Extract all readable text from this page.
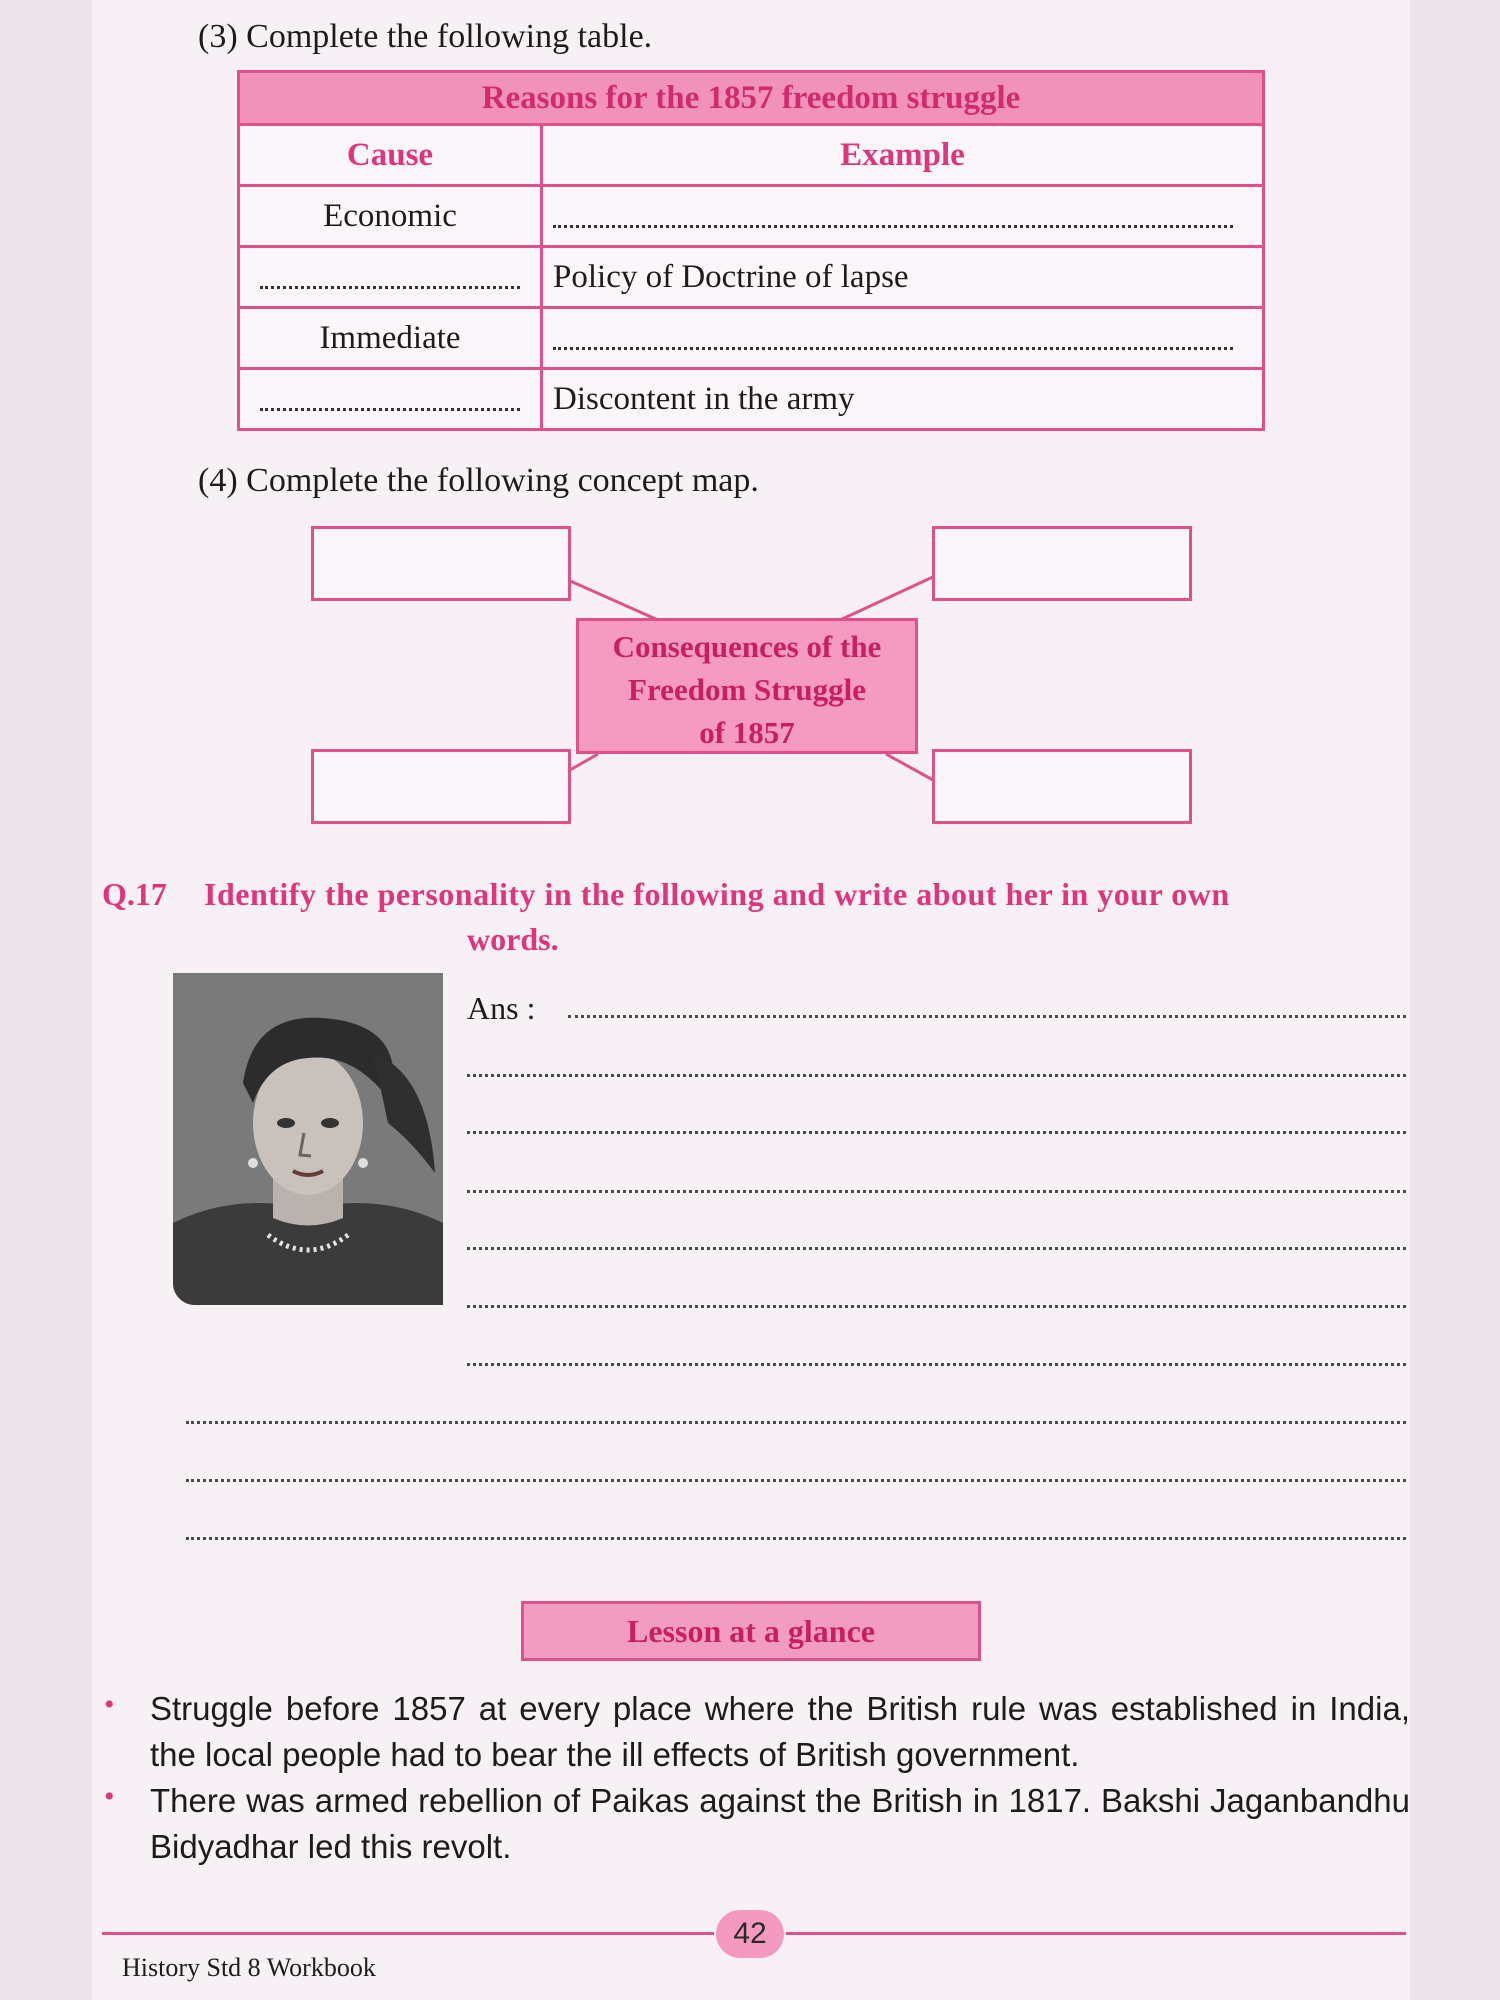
(3) Complete the following table.
Reasons for the 1857 freedom struggle	
Cause	Example
Economic	
	Policy of Doctrine of lapse
Immediate	
	Discontent in the army
(4) Complete the following concept map.
Consequences of the
Freedom Struggle
of 1857
Q.17 Identify the personality in the following and write about her in your own
words.
Ans :
Lesson at a glance
• Struggle before 1857 at every place where the British rule was established in India, the local people had to bear the ill effects of British government.
• There was armed rebellion of Paikas against the British in 1817. Bakshi Jaganbandhu Bidyadhar led this revolt.
42
History Std 8 Workbook
